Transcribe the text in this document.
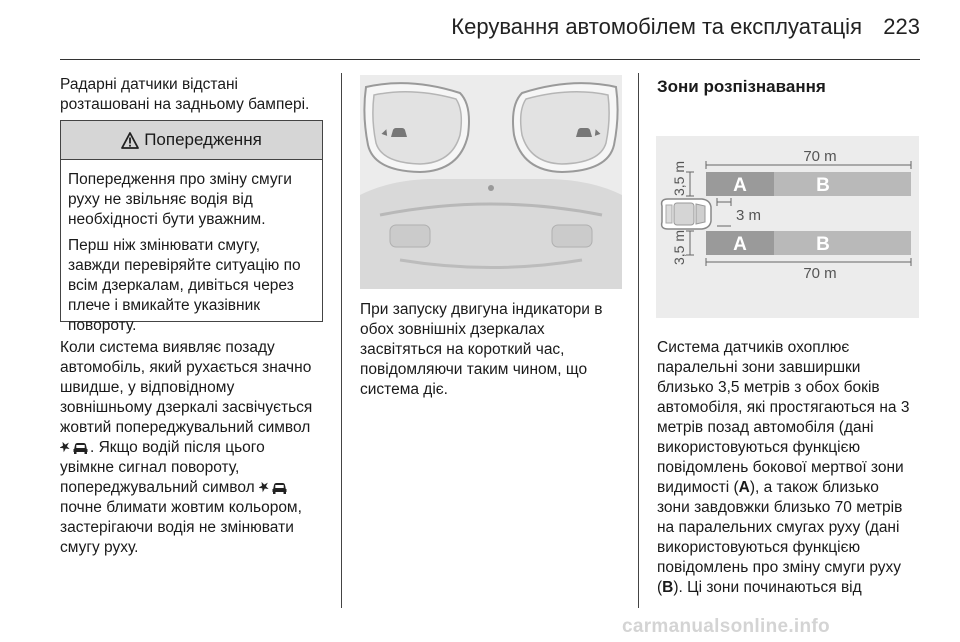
Керування автомобілем та експлуатація 223

Радарні датчики відстані

розташовані на задньому бампері.

Попередження

Попередження про зміну смуги
руху не звільняє водія від
необхідності бути уважним.

Перш ніж змінювати смугу,
завжди перевіряйте ситуацію по
всім дзеркалам, дивіться через
плече і вмикайте указівник
повороту.

Коли система виявляє позаду

автомобіль, який рухається значно

швидше, у відповідному

зовнішньому дзеркалі засвічується

жовтий попереджувальний символ

. Якщо водій після цього

увімкне сигнал повороту,

попереджувальний символ

почне блимати жовтим кольором,

застерігаючи водія не змінювати

смугу руху.

При запуску двигуна індикатори в

обох зовнішніх дзеркалах

засвітяться на короткий час,

повідомляючи таким чином, що

система діє.

Зони розпізнавання
A	B
A	B
70 m
70 m
3,5 m
3,5 m
3 m

Система датчиків охоплює

паралельні зони завширшки

близько 3,5 метрів з обох боків

автомобіля, які простягаються на 3

метрів позад автомобіля (дані

використовуються функцією

повідомлень бокової мертвої зони

видимості (A), а також близько

зони завдовжки близько 70 метрів

на паралельних смугах руху (дані

використовуються функцією

повідомлень про зміну смуги руху

(B). Ці зони починаються від

carmanualsonline.info
